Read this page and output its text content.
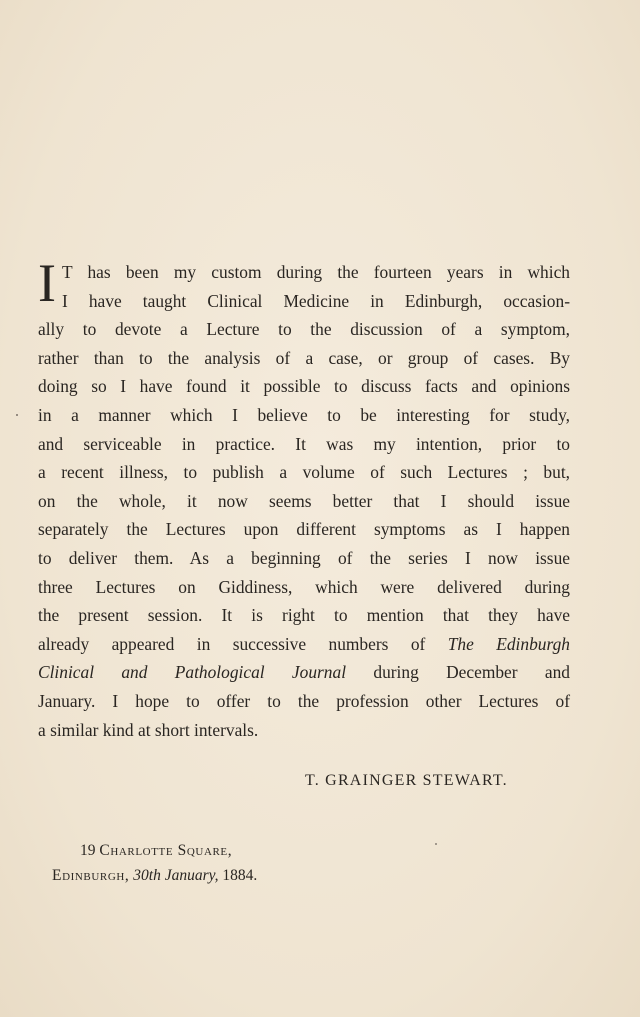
I T has been my custom during the fourteen years in which
I have taught Clinical Medicine in Edinburgh, occasion-
ally to devote a Lecture to the discussion of a symptom,
rather than to the analysis of a case, or group of cases. By
doing so I have found it possible to discuss facts and opinions
in a manner which I believe to be interesting for study,
and serviceable in practice. It was my intention, prior to
a recent illness, to publish a volume of such Lectures ; but,
on the whole, it now seems better that I should issue
separately the Lectures upon different symptoms as I happen
to deliver them. As a beginning of the series I now issue
three Lectures on Giddiness, which were delivered during
the present session. It is right to mention that they have
already appeared in successive numbers of The Edinburgh
Clinical and Pathological Journal during December and
January. I hope to offer to the profession other Lectures of
a similar kind at short intervals.
T. GRAINGER STEWART.
19 Charlotte Square,
Edinburgh, 30th January, 1884.
